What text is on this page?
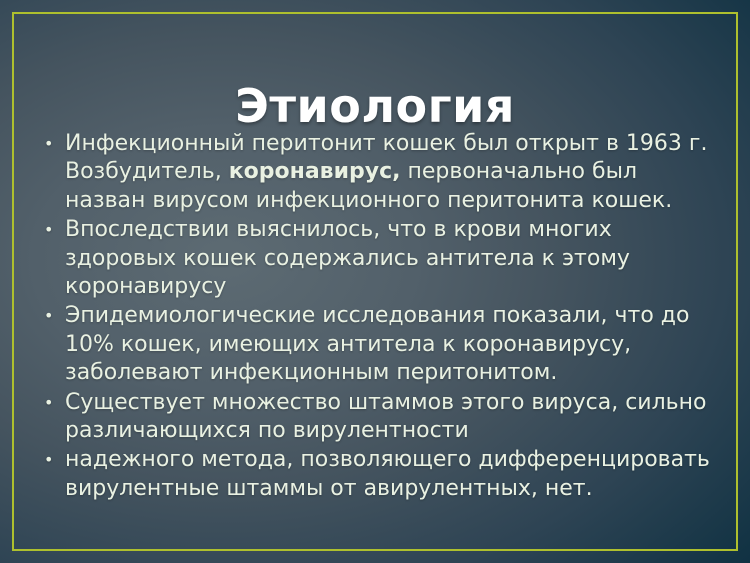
Этиология
• Инфекционный перитонит кошек был открыт в 1963 г. Возбудитель, коронавирус, первоначально был назван вирусом инфекционного перитонита кошек.
• Впоследствии выяснилось, что в крови многих здоровых кошек содержались антитела к этому коронавирусу
• Эпидемиологические исследования показали, что до 10% кошек, имеющих антитела к коронавирусу, заболевают инфекционным перитонитом.
• Существует множество штаммов этого вируса, сильно различающихся по вирулентности
• надежного метода, позволяющего дифференцировать вирулентные штаммы от авирулентных, нет.
